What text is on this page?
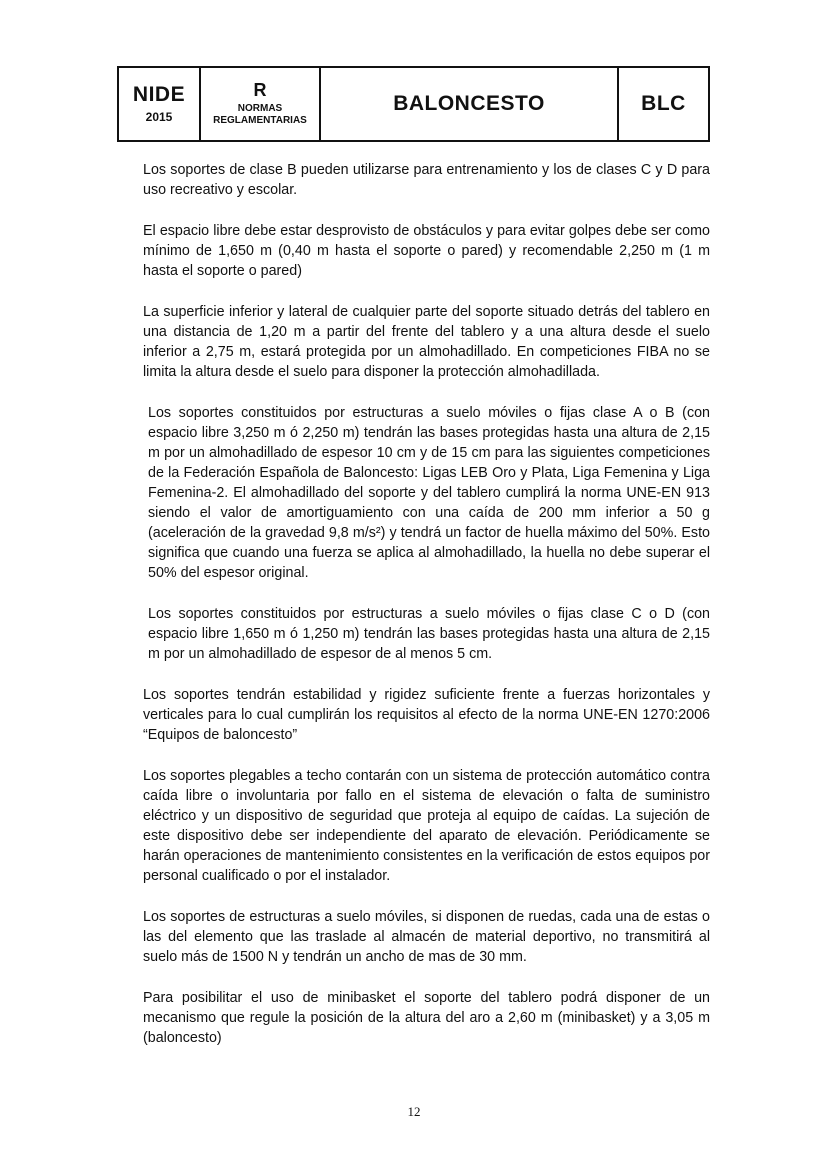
NIDE
2015
R
NORMAS
REGLAMENTARIAS
BALONCESTO	BLC

Los soportes de clase B pueden utilizarse para entrenamiento y los de clases C y D para uso recreativo y escolar.

El espacio libre debe estar desprovisto de obstáculos y para evitar golpes debe ser como mínimo de 1,650 m (0,40 m hasta el soporte o pared) y recomendable 2,250 m (1 m hasta el soporte o pared)

La superficie inferior y lateral de cualquier parte del soporte situado detrás del tablero en una distancia de 1,20 m a partir del frente del tablero y a una altura desde el suelo inferior a 2,75 m, estará protegida por un almohadillado. En competiciones FIBA no se limita la altura desde el suelo para disponer la protección almohadillada.

Los soportes constituidos por estructuras a suelo móviles o fijas clase A o B (con espacio libre 3,250 m ó 2,250 m) tendrán las bases protegidas hasta una altura de 2,15 m por un almohadillado de espesor 10 cm y de 15 cm para las siguientes competiciones de la Federación Española de Baloncesto: Ligas LEB Oro y Plata, Liga Femenina y Liga Femenina-2. El almohadillado del soporte y del tablero cumplirá la norma UNE-EN 913 siendo el valor de amortiguamiento con una caída de 200 mm inferior a 50 g (aceleración de la gravedad 9,8 m/s²) y tendrá un factor de huella máximo del 50%. Esto significa que cuando una fuerza se aplica al almohadillado, la huella no debe superar el 50% del espesor original.

Los soportes constituidos por estructuras a suelo móviles o fijas clase C o D (con espacio libre 1,650 m ó 1,250 m) tendrán las bases protegidas hasta una altura de 2,15 m por un almohadillado de espesor de al menos 5 cm.

Los soportes tendrán estabilidad y rigidez suficiente frente a fuerzas horizontales y verticales para lo cual cumplirán los requisitos al efecto de la norma UNE-EN 1270:2006 “Equipos de baloncesto”

Los soportes plegables a techo contarán con un sistema de protección automático contra caída libre o involuntaria por fallo en el sistema de elevación o falta de suministro eléctrico y un dispositivo de seguridad que proteja al equipo de caídas. La sujeción de este dispositivo debe ser independiente del aparato de elevación. Periódicamente se harán operaciones de mantenimiento consistentes en la verificación de estos equipos por personal cualificado o por el instalador.

Los soportes de estructuras a suelo móviles, si disponen de ruedas, cada una de estas o las del elemento que las traslade al almacén de material deportivo, no transmitirá al suelo más de 1500 N y tendrán un ancho de mas de 30 mm.

Para posibilitar el uso de minibasket el soporte del tablero podrá disponer de un mecanismo que regule la posición de la altura del aro a 2,60 m (minibasket) y a 3,05 m (baloncesto)

12
